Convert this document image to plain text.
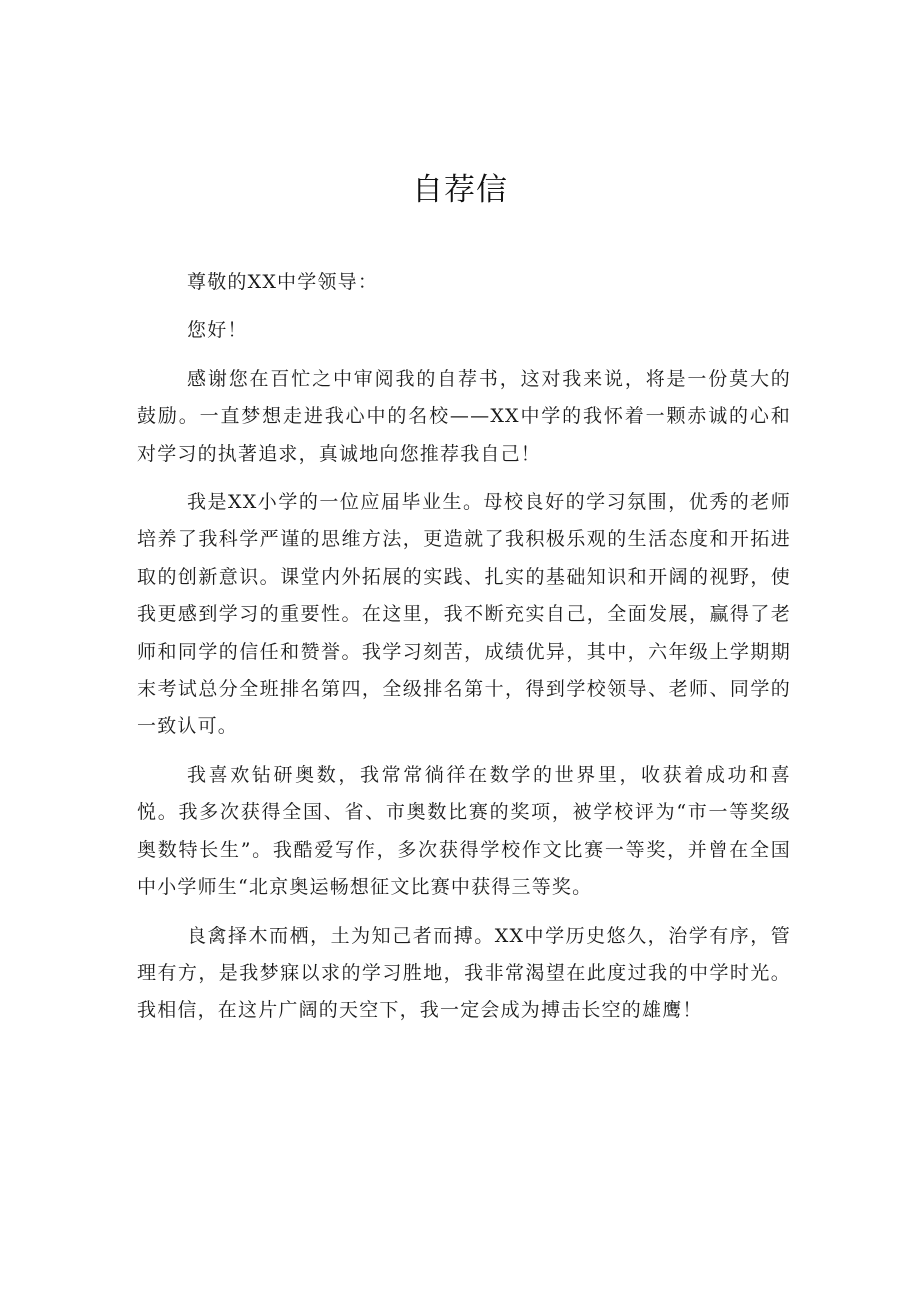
自荐信

尊敬的XX中学领导：

您好！

感谢您在百忙之中审阅我的自荐书，这对我来说，将是一份莫大的鼓励。一直梦想走进我心中的名校——XX中学的我怀着一颗赤诚的心和对学习的执著追求，真诚地向您推荐我自己！

我是XX小学的一位应届毕业生。母校良好的学习氛围，优秀的老师培养了我科学严谨的思维方法，更造就了我积极乐观的生活态度和开拓进取的创新意识。课堂内外拓展的实践、扎实的基础知识和开阔的视野，使我更感到学习的重要性。在这里，我不断充实自己，全面发展，赢得了老师和同学的信任和赞誉。我学习刻苦，成绩优异，其中，六年级上学期期末考试总分全班排名第四，全级排名第十，得到学校领导、老师、同学的一致认可。

我喜欢钻研奥数，我常常徜徉在数学的世界里，收获着成功和喜悦。我多次获得全国、省、市奥数比赛的奖项，被学校评为“市一等奖级奥数特长生”。我酷爱写作，多次获得学校作文比赛一等奖，并曾在全国中小学师生“北京奥运畅想征文比赛中获得三等奖。

良禽择木而栖，土为知己者而搏。XX中学历史悠久，治学有序，管理有方，是我梦寐以求的学习胜地，我非常渴望在此度过我的中学时光。我相信，在这片广阔的天空下，我一定会成为搏击长空的雄鹰！
